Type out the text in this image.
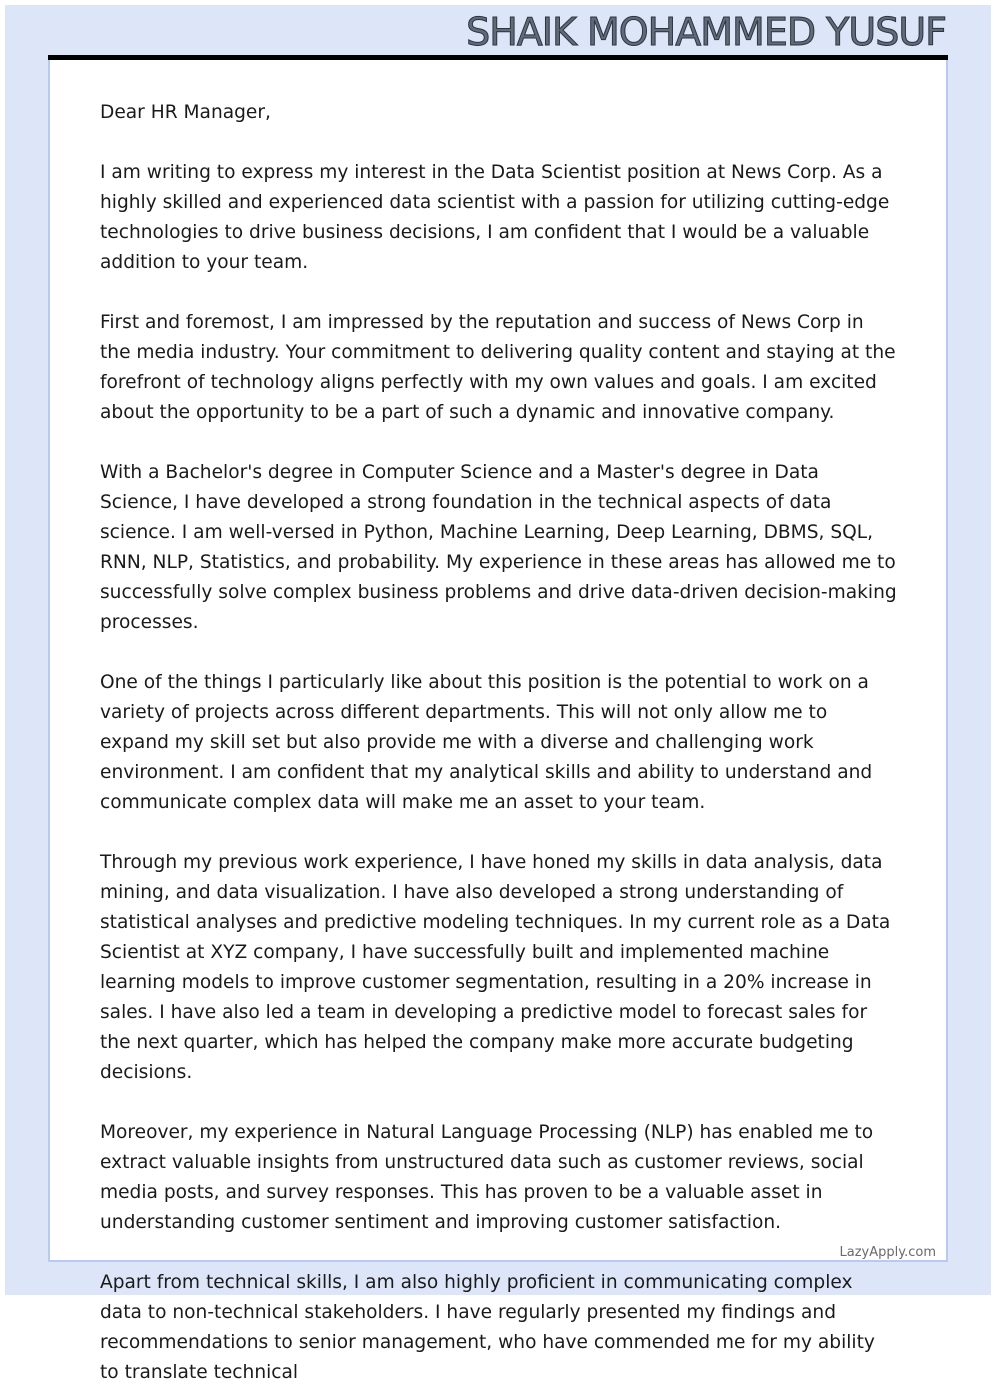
SHAIK MOHAMMED YUSUF

Dear HR Manager,

I am writing to express my interest in the Data Scientist position at News Corp. As a highly skilled and experienced data scientist with a passion for utilizing cutting-edge technologies to drive business decisions, I am confident that I would be a valuable addition to your team.

First and foremost, I am impressed by the reputation and success of News Corp in the media industry. Your commitment to delivering quality content and staying at the forefront of technology aligns perfectly with my own values and goals. I am excited about the opportunity to be a part of such a dynamic and innovative company.

With a Bachelor's degree in Computer Science and a Master's degree in Data Science, I have developed a strong foundation in the technical aspects of data science. I am well-versed in Python, Machine Learning, Deep Learning, DBMS, SQL, RNN, NLP, Statistics, and probability. My experience in these areas has allowed me to successfully solve complex business problems and drive data-driven decision-making processes.

One of the things I particularly like about this position is the potential to work on a variety of projects across different departments. This will not only allow me to expand my skill set but also provide me with a diverse and challenging work environment. I am confident that my analytical skills and ability to understand and communicate complex data will make me an asset to your team.

Through my previous work experience, I have honed my skills in data analysis, data mining, and data visualization. I have also developed a strong understanding of statistical analyses and predictive modeling techniques. In my current role as a Data Scientist at XYZ company, I have successfully built and implemented machine learning models to improve customer segmentation, resulting in a 20% increase in sales. I have also led a team in developing a predictive model to forecast sales for the next quarter, which has helped the company make more accurate budgeting decisions.

Moreover, my experience in Natural Language Processing (NLP) has enabled me to extract valuable insights from unstructured data such as customer reviews, social media posts, and survey responses. This has proven to be a valuable asset in understanding customer sentiment and improving customer satisfaction.

Apart from technical skills, I am also highly proficient in communicating complex data to non-technical stakeholders. I have regularly presented my findings and recommendations to senior management, who have commended me for my ability to translate technical

LazyApply.com
